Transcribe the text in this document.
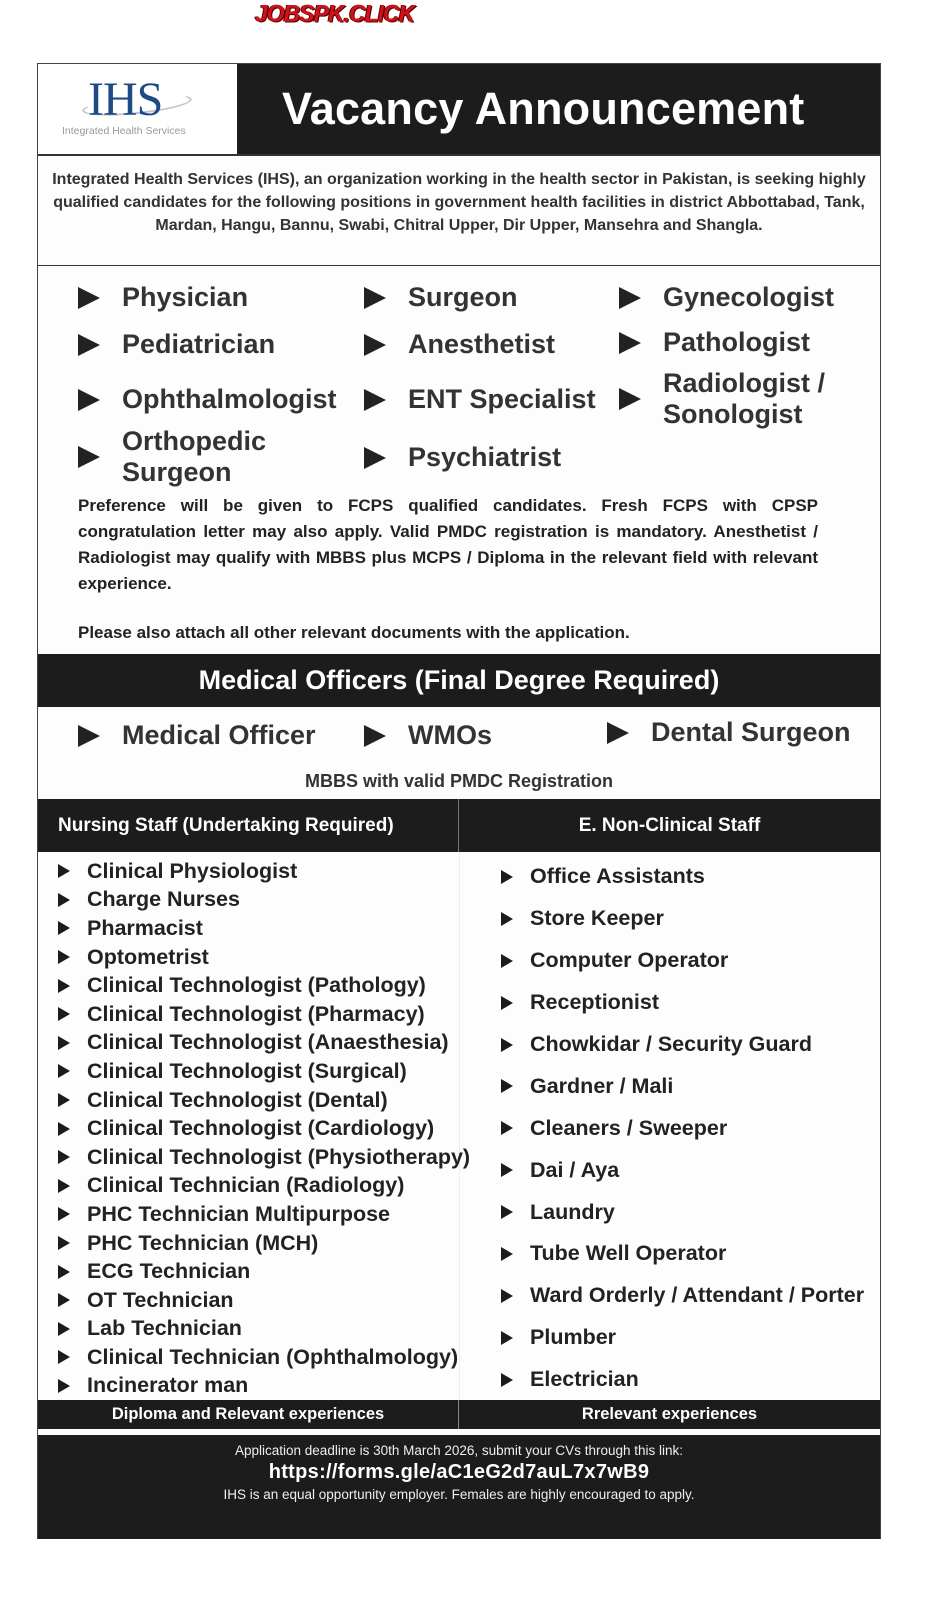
JOBSPK.CLICK
IHS
Integrated Health Services Vacancy Announcement
Integrated Health Services (IHS), an organization working in the health sector in Pakistan, is seeking highly qualified candidates for the following positions in government health facilities in district Abbottabad, Tank, Mardan, Hangu, Bannu, Swabi, Chitral Upper, Dir Upper, Mansehra and Shangla.
Physician	Surgeon	Gynecologist
Pediatrician	Anesthetist	Pathologist
Ophthalmologist	ENT Specialist
Radiologist / Sonologist
Orthopedic Surgeon	Psychiatrist
Preference will be given to FCPS qualified candidates. Fresh FCPS with CPSP congratulation letter may also apply. Valid PMDC registration is mandatory. Anesthetist / Radiologist may qualify with MBBS plus MCPS / Diploma in the relevant field with relevant experience.
Please also attach all other relevant documents with the application.
Medical Officers (Final Degree Required)
Medical Officer	WMOs	Dental Surgeon
MBBS with valid PMDC Registration
Nursing Staff (Undertaking Required)	E. Non-Clinical Staff
Clinical Physiologist
Charge Nurses
Pharmacist
Optometrist
Clinical Technologist (Pathology)
Clinical Technologist (Pharmacy)
Clinical Technologist (Anaesthesia)
Clinical Technologist (Surgical)
Clinical Technologist (Dental)
Clinical Technologist (Cardiology)
Clinical Technologist (Physiotherapy)
Clinical Technician (Radiology)
PHC Technician Multipurpose
PHC Technician (MCH)
ECG Technician
OT Technician
Lab Technician
Clinical Technician (Ophthalmology)
Incinerator man
Office Assistants
Store Keeper
Computer Operator
Receptionist
Chowkidar / Security Guard
Gardner / Mali
Cleaners / Sweeper
Dai / Aya
Laundry
Tube Well Operator
Ward Orderly / Attendant / Porter
Plumber
Electrician
Diploma and Relevant experiences	Rrelevant experiences
Application deadline is 30th March 2026, submit your CVs through this link:
https://forms.gle/aC1eG2d7auL7x7wB9
IHS is an equal opportunity employer. Females are highly encouraged to apply.
